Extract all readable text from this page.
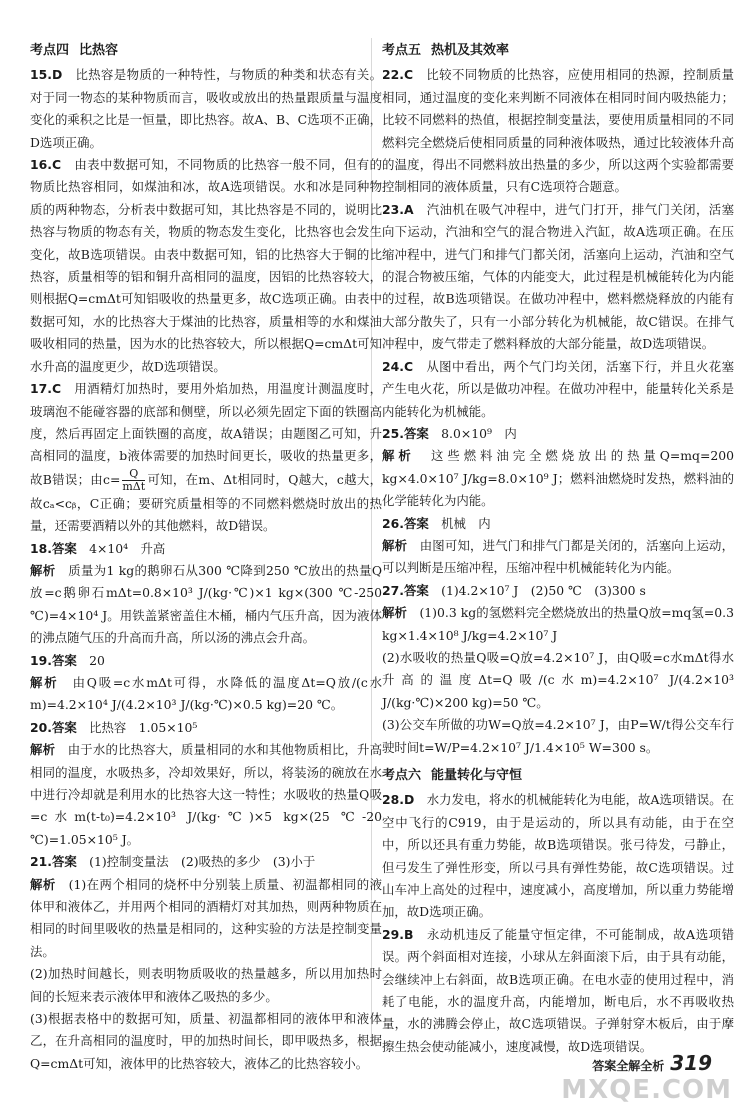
考点四 比热容

15.D　 比热容是物质的一种特性，与物质的种类和状态有关。对于同一物态的某种物质而言，吸收或放出的热量跟质量与温度变化的乘积之比是一恒量，即比热容。故A、B、C选项不正确，D选项正确。

16.C　 由表中数据可知，不同物质的比热容一般不同，但有的物质比热容相同，如煤油和冰，故A选项错误。水和冰是同种物质的两种物态，分析表中数据可知，其比热容是不同的，说明比热容与物质的物态有关，物质的物态发生变化，比热容也会发生变化，故B选项错误。由表中数据可知，铝的比热容大于铜的比热容，质量相等的铝和铜升高相同的温度，因铝的比热容较大，则根据Q=cmΔt可知铝吸收的热量更多，故C选项正确。由表中数据可知，水的比热容大于煤油的比热容，质量相等的水和煤油吸收相同的热量，因为水的比热容较大，所以根据Q=cmΔt可知水升高的温度更少，故D选项错误。

17.C　 用酒精灯加热时，要用外焰加热，用温度计测温度时，玻璃泡不能碰容器的底部和侧壁，所以必须先固定下面的铁圈高度，然后再固定上面铁圈的高度，故A错误；由题图乙可知，升高相同的温度，b液体需要的加热时间更长，吸收的热量更多，故B错误；由$c= \frac{Q}{\text{mΔt}}$ 可知，在m、Δt相同时，Q越大，c越大，故cₐ<cᵦ，C正确；要研究质量相等的不同燃料燃烧时放出的热量，还需要酒精以外的其他燃料，故D错误。

18.答案　 4×10⁴　升高
解析　 质量为1 kg的鹅卵石从300 ℃降到250 ℃放出的热量Q放=c鹅卵石mΔt=0.8×10³ J/(kg·℃)×1 kg×(300 ℃-250 ℃)=4×10⁴ J。用铁盖紧密盖住木桶，桶内气压升高，因为液体的沸点随气压的升高而升高，所以汤的沸点会升高。

19.答案　 20
解析　 由Q吸=c水mΔt可得，水降低的温度Δt=Q放/(c水m)=4.2×10⁴ J/(4.2×10³ J/(kg·℃)×0.5 kg)=20 ℃。

20.答案　 比热容　1.05×10⁵
解析　 由于水的比热容大，质量相同的水和其他物质相比，升高相同的温度，水吸热多，冷却效果好，所以，将装汤的碗放在水中进行冷却就是利用水的比热容大这一特性；水吸收的热量Q吸=c水m(t-t₀)=4.2×10³ J/(kg·℃)×5 kg×(25 ℃-20 ℃)=1.05×10⁵ J。

21.答案　 (1)控制变量法　(2)吸热的多少　(3)小于
解析　 (1)在两个相同的烧杯中分别装上质量、初温都相同的液体甲和液体乙，并用两个相同的酒精灯对其加热，则两种物质在相同的时间里吸收的热量是相同的，这种实验的方法是控制变量法。
(2)加热时间越长，则表明物质吸收的热量越多，所以用加热时间的长短来表示液体甲和液体乙吸热的多少。
(3)根据表格中的数据可知，质量、初温都相同的液体甲和液体乙，在升高相同的温度时，甲的加热时间长，即甲吸热多，根据Q=cmΔt可知，液体甲的比热容较大，液体乙的比热容较小。

考点五 热机及其效率

22.C　 比较不同物质的比热容，应使用相同的热源，控制质量相同，通过温度的变化来判断不同液体在相同时间内吸热能力；比较不同燃料的热值，根据控制变量法，要使用质量相同的不同燃料完全燃烧后使相同质量的同种液体吸热，通过比较液体升高的温度，得出不同燃料放出热量的多少，所以这两个实验都需要控制相同的液体质量，只有C选项符合题意。

23.A　 汽油机在吸气冲程中，进气门打开，排气门关闭，活塞向下运动，汽油和空气的混合物进入汽缸，故A选项正确。在压缩冲程中，进气门和排气门都关闭，活塞向上运动，汽油和空气的混合物被压缩，气体的内能变大，此过程是机械能转化为内能的过程，故B选项错误。在做功冲程中，燃料燃烧释放的内能有大部分散失了，只有一小部分转化为机械能，故C错误。在排气冲程中，废气带走了燃料释放的大部分能量，故D选项错误。

24.C　 从图中看出，两个气门均关闭，活塞下行，并且火花塞产生电火花，所以是做功冲程。在做功冲程中，能量转化关系是内能转化为机械能。

25.答案　 8.0×10⁹　内
解析　 这些燃料油完全燃烧放出的热量Q=mq=200 kg×4.0×10⁷ J/kg=8.0×10⁹ J；燃料油燃烧时发热，燃料油的化学能转化为内能。

26.答案　 机械　内
解析　 由图可知，进气门和排气门都是关闭的，活塞向上运动，可以判断是压缩冲程，压缩冲程中机械能转化为内能。

27.答案　 (1)4.2×10⁷ J　(2)50 ℃　(3)300 s
解析　 (1)0.3 kg的氢燃料完全燃烧放出的热量Q放=mq氢=0.3 kg×1.4×10⁸ J/kg=4.2×10⁷ J
(2)水吸收的热量Q吸=Q放=4.2×10⁷ J，由Q吸=c水mΔt得水升高的温度Δt=Q吸/(c水m)=4.2×10⁷ J/(4.2×10³ J/(kg·℃)×200 kg)=50 ℃。
(3)公交车所做的功W=Q放=4.2×10⁷ J，由P=W/t得公交车行驶时间t=W/P=4.2×10⁷ J/1.4×10⁵ W=300 s。

考点六 能量转化与守恒

28.D　 水力发电，将水的机械能转化为电能，故A选项错误。在空中飞行的C919，由于是运动的，所以具有动能，由于在空中，所以还具有重力势能，故B选项错误。张弓待发，弓静止，但弓发生了弹性形变，所以弓具有弹性势能，故C选项错误。过山车冲上高处的过程中，速度减小，高度增加，所以重力势能增加，故D选项正确。

29.B　 永动机违反了能量守恒定律，不可能制成，故A选项错误。两个斜面相对连接，小球从左斜面滚下后，由于具有动能，会继续冲上右斜面，故B选项正确。在电水壶的使用过程中，消耗了电能，水的温度升高，内能增加，断电后，水不再吸收热量，水的沸腾会停止，故C选项错误。子弹射穿木板后，由于摩擦生热会使动能减小，速度减慢，故D选项错误。

答案全解全析 319
MXQE.COM
